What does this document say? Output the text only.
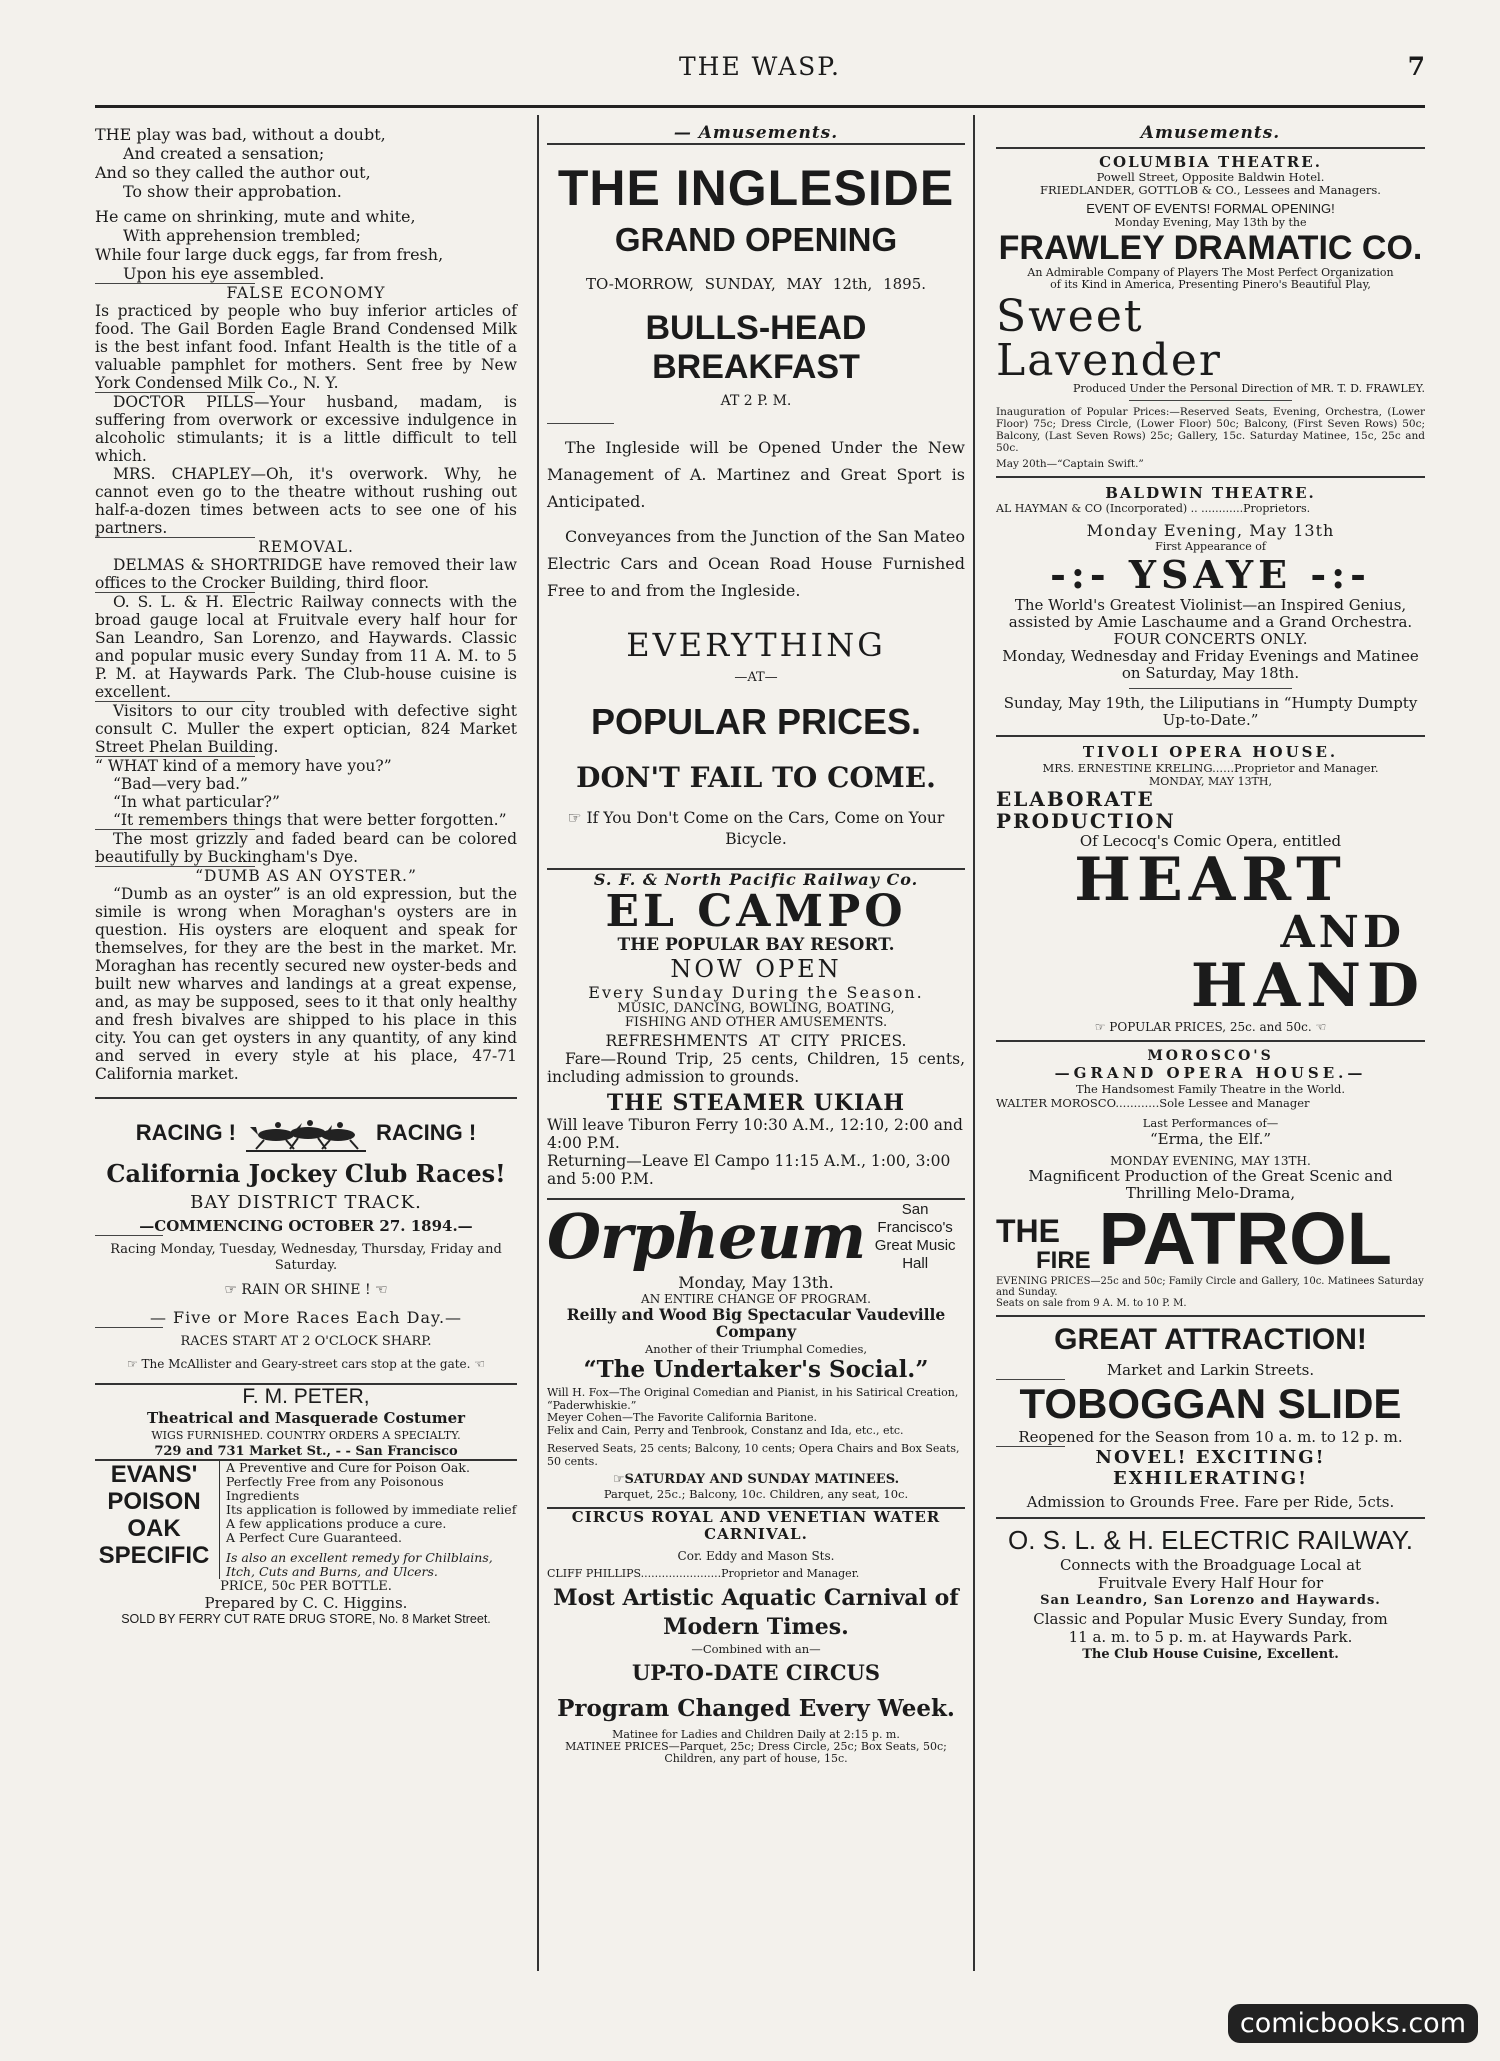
THE WASP.	7
THE play was bad, without a doubt,
And created a sensation;
And so they called the author out,
To show their approbation.
He came on shrinking, mute and white,
With apprehension trembled;
While four large duck eggs, far from fresh,
Upon his eye assembled.
FALSE ECONOMY

Is practiced by people who buy inferior articles of food. The Gail Borden Eagle Brand Condensed Milk is the best infant food. Infant Health is the title of a valuable pamphlet for mothers. Sent free by New York Condensed Milk Co., N. Y.

DOCTOR PILLS—Your husband, madam, is suffering from overwork or excessive indulgence in alcoholic stimulants; it is a little difficult to tell which.

MRS. CHAPLEY—Oh, it's overwork. Why, he cannot even go to the theatre without rushing out half-a-dozen times between acts to see one of his partners.

REMOVAL.

DELMAS & SHORTRIDGE have removed their law offices to the Crocker Building, third floor.

O. S. L. & H. Electric Railway connects with the broad gauge local at Fruitvale every half hour for San Leandro, San Lorenzo, and Haywards. Classic and popular music every Sunday from 11 A. M. to 5 P. M. at Haywards Park. The Club-house cuisine is excellent.

Visitors to our city troubled with defective sight consult C. Muller the expert optician, 824 Market Street Phelan Building.

“ WHAT kind of a memory have you?”

“Bad—very bad.”

“In what particular?”

“It remembers things that were better forgotten.”

The most grizzly and faded beard can be colored beautifully by Buckingham's Dye.

“DUMB AS AN OYSTER.”

“Dumb as an oyster” is an old expression, but the simile is wrong when Moraghan's oysters are in question. His oysters are eloquent and speak for themselves, for they are the best in the market. Mr. Moraghan has recently secured new oyster-beds and built new wharves and landings at a great expense, and, as may be supposed, sees to it that only healthy and fresh bivalves are shipped to his place in this city. You can get oysters in any quantity, of any kind and served in every style at his place, 47-71 California market.

RACING !	RACING !
California Jockey Club Races!
BAY DISTRICT TRACK.
—COMMENCING OCTOBER 27. 1894.—
Racing Monday, Tuesday, Wednesday, Thursday, Friday and Saturday.
☞ RAIN OR SHINE ! ☜
— Five or More Races Each Day.—
RACES START AT 2 O'CLOCK SHARP.
☞ The McAllister and Geary-street cars stop at the gate. ☜
F. M. PETER,
Theatrical and Masquerade Costumer
WIGS FURNISHED. COUNTRY ORDERS A SPECIALTY.
729 and 731 Market St., - - San Francisco
EVANS'
POISON
OAK
SPECIFIC
A Preventive and Cure for Poison Oak.
Perfectly Free from any Poisonous Ingredients
Its application is followed by immediate relief
A few applications produce a cure.
A Perfect Cure Guaranteed.
Is also an excellent remedy for Chilblains, Itch, Cuts and Burns, and Ulcers.
PRICE, 50c PER BOTTLE.
Prepared by C. C. Higgins.
SOLD BY FERRY CUT RATE DRUG STORE, No. 8 Market Street.
— Amusements.
THE INGLESIDE
GRAND OPENING
TO-MORROW, SUNDAY, MAY 12th, 1895.
BULLS-HEAD BREAKFAST
AT 2 P. M.

The Ingleside will be Opened Under the New Management of A. Martinez and Great Sport is Anticipated.

Conveyances from the Junction of the San Mateo Electric Cars and Ocean Road House Furnished Free to and from the Ingleside.

EVERYTHING
—AT—
POPULAR PRICES.
DON'T FAIL TO COME.
☞ If You Don't Come on the Cars, Come on Your Bicycle.
S. F. & North Pacific Railway Co.
EL CAMPO
THE POPULAR BAY RESORT.
NOW OPEN
Every Sunday During the Season.
MUSIC, DANCING, BOWLING, BOATING,
FISHING AND OTHER AMUSEMENTS.
REFRESHMENTS AT CITY PRICES.

Fare—Round Trip, 25 cents, Children, 15 cents, including admission to grounds.

THE STEAMER UKIAH

Will leave Tiburon Ferry 10:30 A.M., 12:10, 2:00 and 4:00 P.M.

Returning—Leave El Campo 11:15 A.M., 1:00, 3:00 and 5:00 P.M.

Orpheum	San Francisco's
Great Music Hall
Monday, May 13th.
AN ENTIRE CHANGE OF PROGRAM.
Reilly and Wood Big Spectacular Vaudeville Company
Another of their Triumphal Comedies,
“The Undertaker's Social.”
Will H. Fox—The Original Comedian and Pianist, in his Satirical Creation, “Paderwhiskie.”
Meyer Cohen—The Favorite California Baritone.
Felix and Cain, Perry and Tenbrook, Constanz and Ida, etc., etc.
Reserved Seats, 25 cents; Balcony, 10 cents; Opera Chairs and Box Seats, 50 cents.
☞SATURDAY AND SUNDAY MATINEES.
Parquet, 25c.; Balcony, 10c. Children, any seat, 10c.
CIRCUS ROYAL AND VENETIAN WATER CARNIVAL.
Cor. Eddy and Mason Sts.
CLIFF PHILLIPS.......................Proprietor and Manager.
Most Artistic Aquatic Carnival of Modern Times.
—Combined with an—
UP-TO-DATE CIRCUS
Program Changed Every Week.
Matinee for Ladies and Children Daily at 2:15 p. m.
MATINEE PRICES—Parquet, 25c; Dress Circle, 25c; Box Seats, 50c; Children, any part of house, 15c.
Amusements.
COLUMBIA THEATRE.
Powell Street, Opposite Baldwin Hotel.
FRIEDLANDER, GOTTLOB & CO., Lessees and Managers.
EVENT OF EVENTS! FORMAL OPENING!
Monday Evening, May 13th by the
FRAWLEY DRAMATIC CO.
An Admirable Company of Players The Most Perfect Organization of its Kind in America, Presenting Pinero's Beautiful Play,
Sweet
Lavender
Produced Under the Personal Direction of MR. T. D. FRAWLEY.
Inauguration of Popular Prices:—Reserved Seats, Evening, Orchestra, (Lower Floor) 75c; Dress Circle, (Lower Floor) 50c; Balcony, (First Seven Rows) 50c; Balcony, (Last Seven Rows) 25c; Gallery, 15c. Saturday Matinee, 15c, 25c and 50c.
May 20th—“Captain Swift.”
BALDWIN THEATRE.
AL HAYMAN & CO (Incorporated) .. ............Proprietors.
Monday Evening, May 13th
First Appearance of
-:- YSAYE -:-
The World's Greatest Violinist—an Inspired Genius, assisted by Amie Laschaume and a Grand Orchestra.
FOUR CONCERTS ONLY.
Monday, Wednesday and Friday Evenings and Matinee on Saturday, May 18th.
Sunday, May 19th, the Liliputians in “Humpty Dumpty Up-to-Date.”
TIVOLI OPERA HOUSE.
MRS. ERNESTINE KRELING......Proprietor and Manager.
MONDAY, MAY 13TH,
ELABORATE
PRODUCTION
Of Lecocq's Comic Opera, entitled
HEART
AND
HAND
☞ POPULAR PRICES, 25c. and 50c. ☜
MOROSCO'S
—GRAND OPERA HOUSE.—
The Handsomest Family Theatre in the World.
WALTER MOROSCO............Sole Lessee and Manager
Last Performances of—
“Erma, the Elf.”
MONDAY EVENING, MAY 13TH.
Magnificent Production of the Great Scenic and Thrilling Melo-Drama,
THE
FIRE PATROL
EVENING PRICES—25c and 50c; Family Circle and Gallery, 10c. Matinees Saturday and Sunday.
Seats on sale from 9 A. M. to 10 P. M.
GREAT ATTRACTION!
Market and Larkin Streets.
TOBOGGAN SLIDE
Reopened for the Season from 10 a. m. to 12 p. m.
NOVEL! EXCITING!
EXHILERATING!
Admission to Grounds Free. Fare per Ride, 5cts.
O. S. L. & H. ELECTRIC RAILWAY.
Connects with the Broadguage Local at
Fruitvale Every Half Hour for
San Leandro, San Lorenzo and Haywards.
Classic and Popular Music Every Sunday, from 11 a. m. to 5 p. m. at Haywards Park.
The Club House Cuisine, Excellent.
comicbooks.com
